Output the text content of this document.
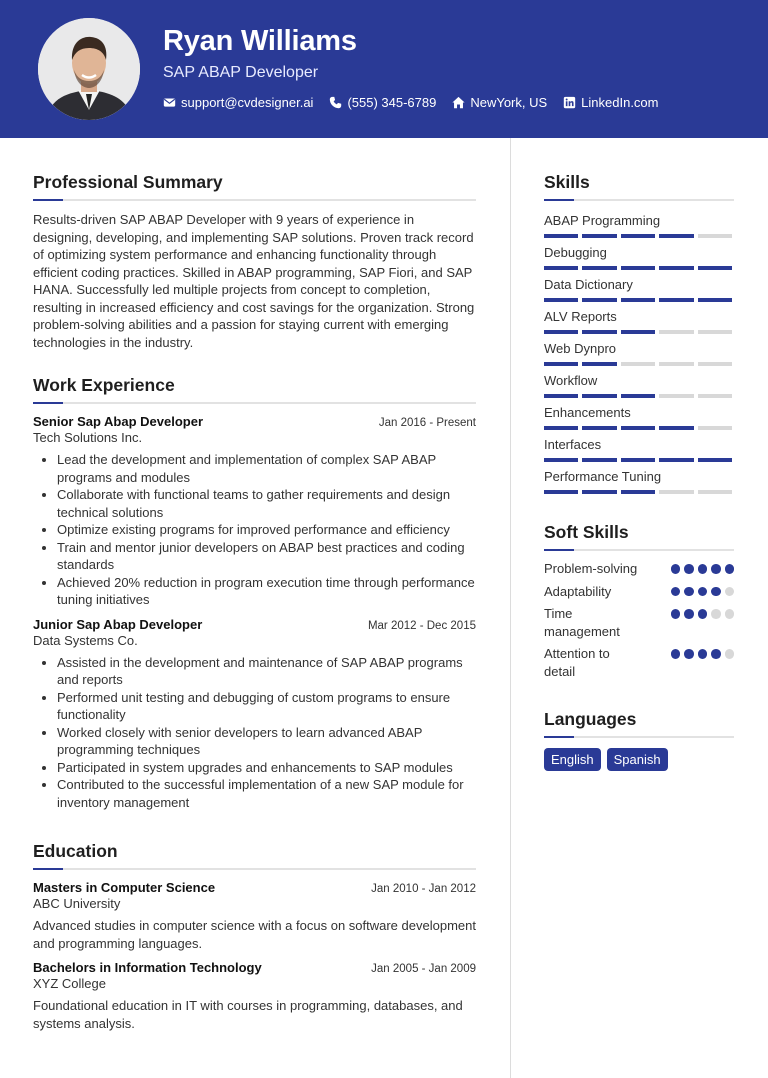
Ryan Williams
SAP ABAP Developer
support@cvdesigner.ai	(555) 345-6789	NewYork, US	LinkedIn.com
Professional Summary
Results-driven SAP ABAP Developer with 9 years of experience in designing, developing, and implementing SAP solutions. Proven track record of optimizing system performance and enhancing functionality through efficient coding practices. Skilled in ABAP programming, SAP Fiori, and SAP HANA. Successfully led multiple projects from concept to completion, resulting in increased efficiency and cost savings for the organization. Strong problem-solving abilities and a passion for staying current with emerging technologies in the industry.
Work Experience
Senior Sap Abap Developer	Jan 2016 - Present
Tech Solutions Inc.
• Lead the development and implementation of complex SAP ABAP programs and modules
• Collaborate with functional teams to gather requirements and design technical solutions
• Optimize existing programs for improved performance and efficiency
• Train and mentor junior developers on ABAP best practices and coding standards
• Achieved 20% reduction in program execution time through performance tuning initiatives
Junior Sap Abap Developer	Mar 2012 - Dec 2015
Data Systems Co.
• Assisted in the development and maintenance of SAP ABAP programs and reports
• Performed unit testing and debugging of custom programs to ensure functionality
• Worked closely with senior developers to learn advanced ABAP programming techniques
• Participated in system upgrades and enhancements to SAP modules
• Contributed to the successful implementation of a new SAP module for inventory management
Education
Masters in Computer Science	Jan 2010 - Jan 2012
ABC University
Advanced studies in computer science with a focus on software development and programming languages.
Bachelors in Information Technology	Jan 2005 - Jan 2009
XYZ College
Foundational education in IT with courses in programming, databases, and systems analysis.
Skills
ABAP Programming
Debugging
Data Dictionary
ALV Reports
Web Dynpro
Workflow
Enhancements
Interfaces
Performance Tuning
Soft Skills
Problem-solving
Adaptability
Time management
Attention to detail
Languages
English	Spanish
